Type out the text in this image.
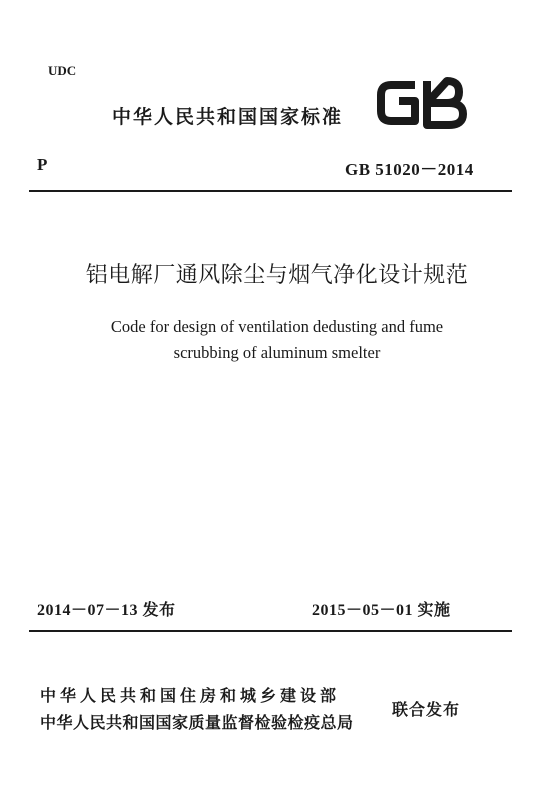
UDC
中华人民共和国国家标准
P	GB 51020－2014
铝电解厂通风除尘与烟气净化设计规范
Code for design of ventilation dedusting and fume
scrubbing of aluminum smelter
2014－07－13 发布	2015－05－01 实施
中华人民共和国住房和城乡建设部
中华人民共和国国家质量监督检验检疫总局
联合发布
